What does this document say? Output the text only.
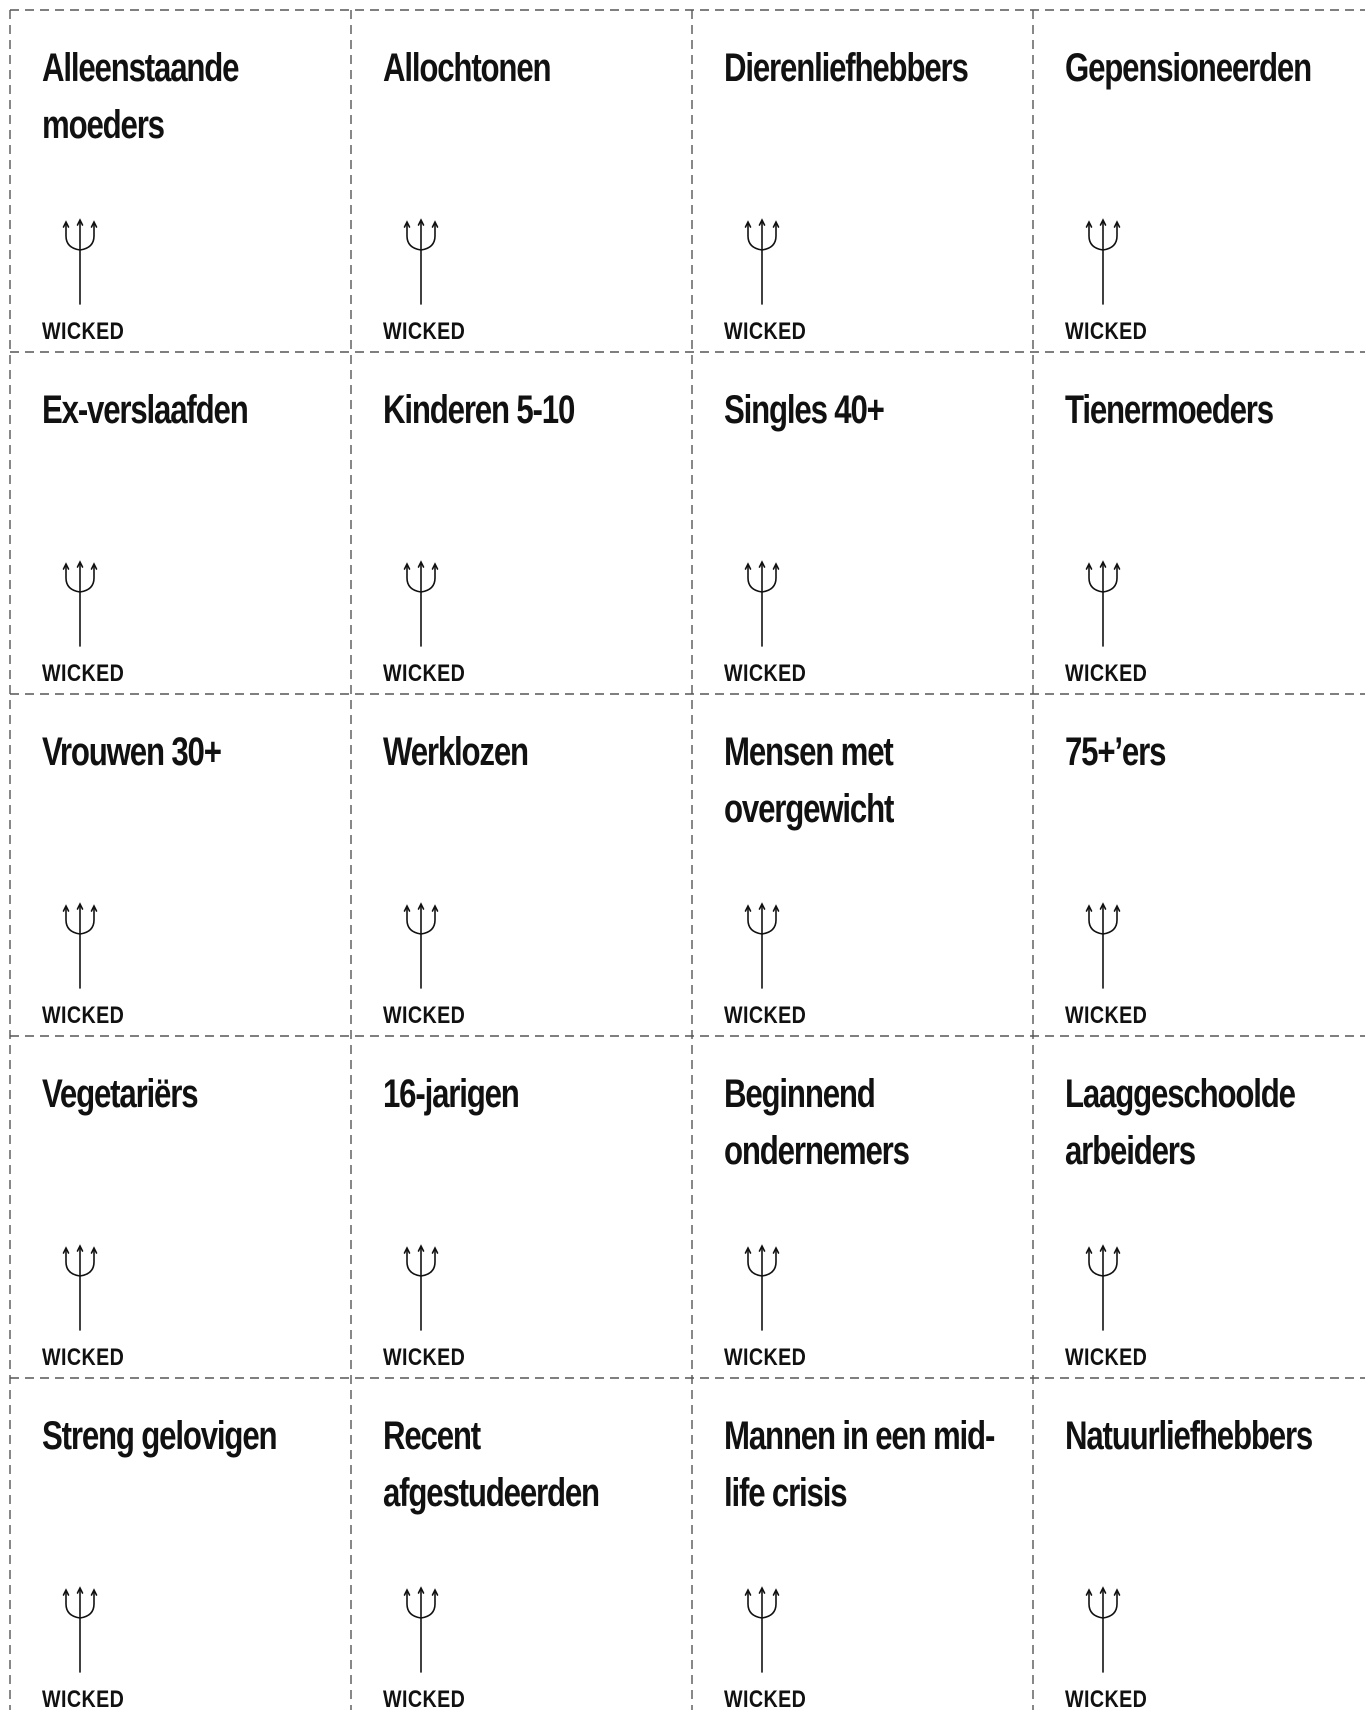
Alleenstaande moeders
WICKED
Allochtonen
WICKED
Dierenliefhebbers
WICKED
Gepensioneerden
WICKED
Ex-verslaafden
WICKED
Kinderen 5-10
WICKED
Singles 40+
WICKED
Tienermoeders
WICKED
Vrouwen 30+
WICKED
Werklozen
WICKED
Mensen met overgewicht
WICKED
75+’ers
WICKED
Vegetariërs
WICKED
16-jarigen
WICKED
Beginnend ondernemers
WICKED
Laaggeschoolde arbeiders
WICKED
Streng gelovigen
WICKED
Recent afgestudeerden
WICKED
Mannen in een mid-life crisis
WICKED
Natuurliefhebbers
WICKED
